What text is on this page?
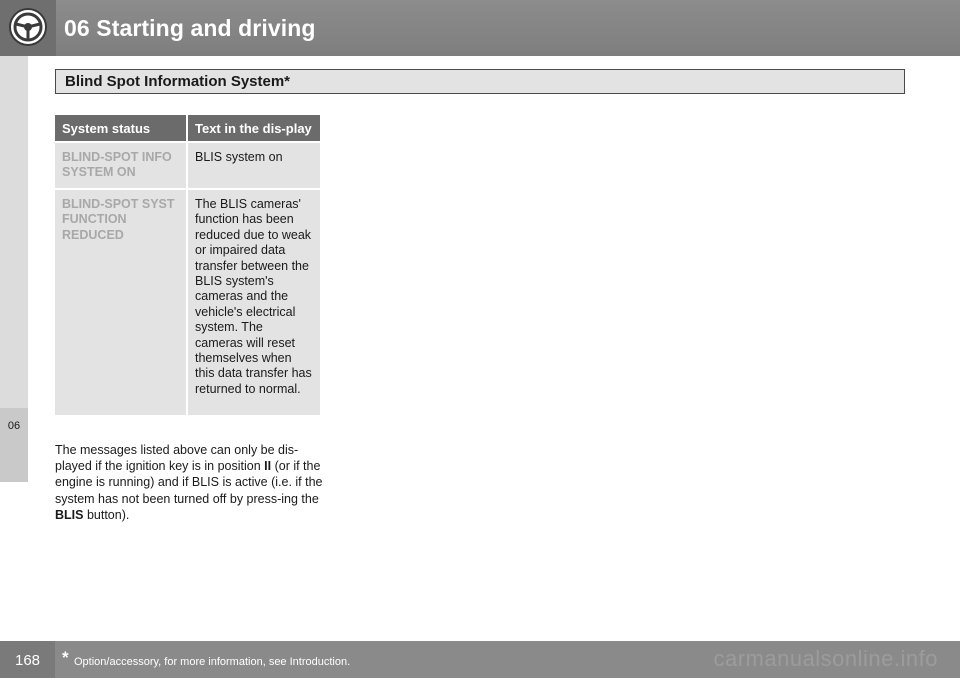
06 Starting and driving
06
Blind Spot Information System*
System status	Text in the dis-play
BLIND-SPOT INFO SYSTEM ON	BLIS system on
BLIND-SPOT SYST FUNCTION REDUCED	The BLIS cameras' function has been reduced due to weak or impaired data transfer between the BLIS system's cameras and the vehicle's electrical system. The cameras will reset themselves when this data transfer has returned to normal.
The messages listed above can only be dis-played if the ignition key is in position II (or if the engine is running) and if BLIS is active (i.e. if the system has not been turned off by press-ing the BLIS button).
168	* Option/accessory, for more information, see Introduction.	carmanualsonline.info
